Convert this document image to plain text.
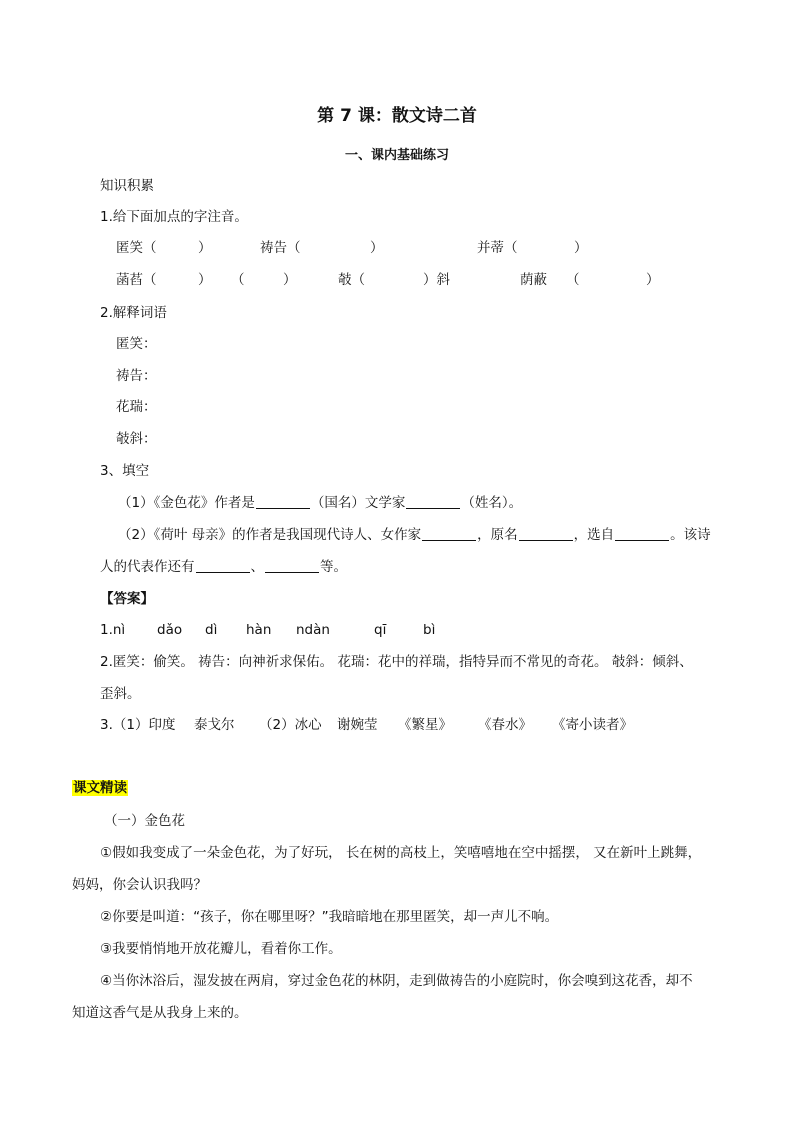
第 7 课：散文诗二首
一、课内基础练习
知识积累
1.给下面加点的字注音。
匿笑（	）	祷告（	）	并蒂（	）
菡萏（	） （	）	攲（	）斜	荫蔽 （	）
2.解释词语
匿笑：
祷告：
花瑞：
攲斜：
3、填空
（1）《金色花》作者是	（国名）文学家	（姓名）。
（2）《荷叶 母亲》的作者是我国现代诗人、女作家	，原名	，选自	。该诗
人的代表作还有	、	等。
【答案】
1.nì dǎo dì hàn ndàn	qī	bì
2.匿笑：偷笑。 祷告：向神祈求保佑。 花瑞：花中的祥瑞，指特异而不常见的奇花。 攲斜：倾斜、
歪斜。
3.（1）印度 泰戈尔 （2）冰心 谢婉莹 《繁星》 《春水》 《寄小读者》
课文精读
（一）金色花
①假如我变成了一朵金色花，为了好玩， 长在树的高枝上，笑嘻嘻地在空中摇摆， 又在新叶上跳舞，
妈妈，你会认识我吗？
②你要是叫道：“孩子，你在哪里呀？”我暗暗地在那里匿笑，却一声儿不响。
③我要悄悄地开放花瓣儿，看着你工作。
④当你沐浴后，湿发披在两肩，穿过金色花的林阴，走到做祷告的小庭院时，你会嗅到这花香，却不
知道这香气是从我身上来的。
